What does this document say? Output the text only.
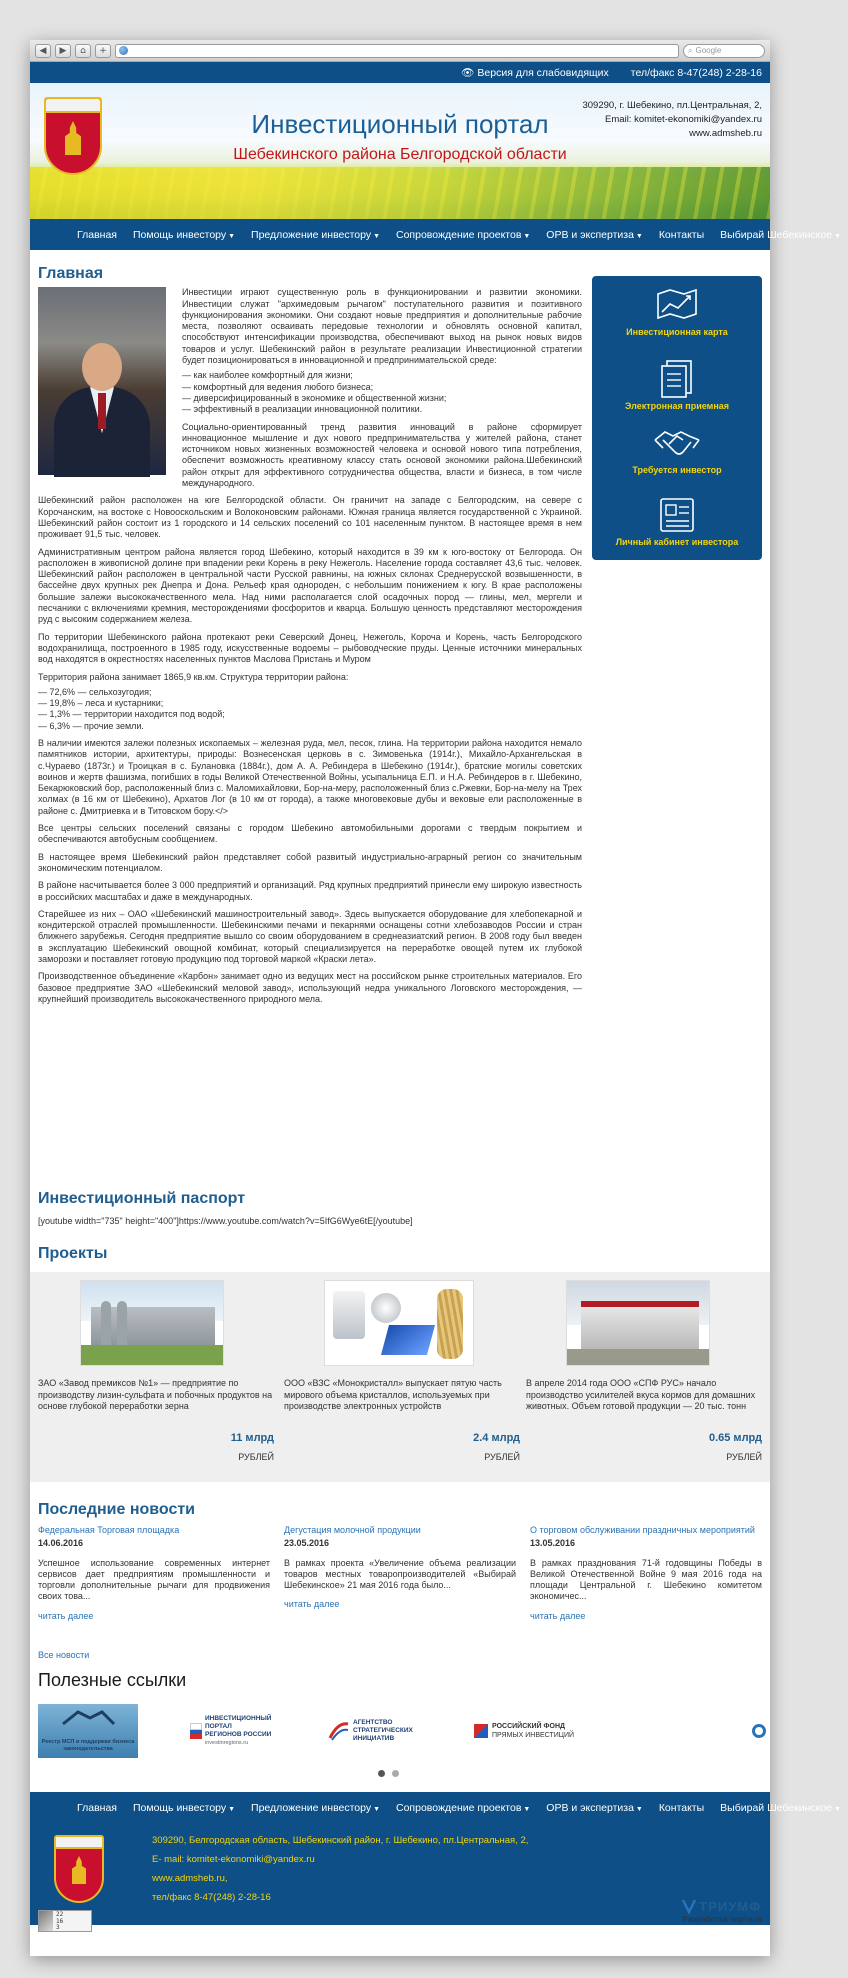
◀	▶	⌂	+	⌕ Google
👁 Версия для слабовидящих тел/факс 8-47(248) 2-28-16
Инвестиционный портал
Шебекинского района Белгородской области
309290, г. Шебекино, пл.Центральная, 2,
Email: komitet-ekonomiki@yandex.ru
www.admsheb.ru
Главная	Помощь инвестору ▼	Предложение инвестору ▼	Сопровождение проектов ▼	ОРВ и экспертиза ▼	Контакты	Выбирай Шебекинское ▼
Главная

Инвестиции играют существенную роль в функционировании и развитии экономики. Инвестиции служат "архимедовым рычагом" поступательного развития и позитивного функционирования экономики. Они создают новые предприятия и дополнительные рабочие места, позволяют осваивать передовые технологии и обновлять основной капитал, способствуют интенсификации производства, обеспечивают выход на рынок новых видов товаров и услуг. Шебекинский район в результате реализации Инвестиционной стратегии будет позиционироваться в инновационной и предпринимательской среде:

— как наиболее комфортный для жизни;
— комфортный для ведения любого бизнеса;
— диверсифицированный в экономике и общественной жизни;
— эффективный в реализации инновационной политики.

Социально-ориентированный тренд развития инноваций в районе сформирует инновационное мышление и дух нового предпринимательства у жителей района, станет источником новых жизненных возможностей человека и основой нового типа потребления, обеспечит возможность креативному классу стать основой экономики района.Шебекинский район открыт для эффективного сотрудничества общества, власти и бизнеса, в том числе международного.

Шебекинский район расположен на юге Белгородской области. Он граничит на западе с Белгородским, на севере с Корочанским, на востоке с Новооскольским и Волоконовским районами. Южная граница является государственной с Украиной. Шебекинский район состоит из 1 городского и 14 сельских поселений со 101 населенным пунктом. В настоящее время в нем проживает 91,5 тыс. человек.

Административным центром района является город Шебекино, который находится в 39 км к юго-востоку от Белгорода. Он расположен в живописной долине при впадении реки Корень в реку Нежеголь. Население города составляет 43,6 тыс. человек. Шебекинский район расположен в центральной части Русской равнины, на южных склонах Среднерусской возвышенности, в бассейне двух крупных рек Днепра и Дона. Рельеф края однороден, с небольшим понижением к югу. В крае расположены большие залежи высококачественного мела. Над ними располагается слой осадочных пород — глины, мел, мергели и песчаники с включениями кремния, месторождениями фосфоритов и кварца. Большую ценность представляют месторождения руд с высоким содержанием железа.

По территории Шебекинского района протекают реки Северский Донец, Нежеголь, Короча и Корень, часть Белгородского водохранилища, построенного в 1985 году, искусственные водоемы – рыбоводческие пруды. Ценные источники минеральных вод находятся в окрестностях населенных пунктов Маслова Пристань и Муром

Территория района занимает 1865,9 кв.км. Структура территории района:

— 72,6% — сельхозугодия;
— 19,8% – леса и кустарники;
— 1,3% — территории находится под водой;
— 6,3% — прочие земли.

В наличии имеются залежи полезных ископаемых – железная руда, мел, песок, глина. На территории района находится немало памятников истории, архитектуры, природы: Вознесенская церковь в с. Зимовенька (1914г.), Михайло-Архангельская в с.Чураево (1873г.) и Троицкая в с. Булановка (1884г.), дом А. А. Ребиндера в Шебекино (1914г.), братские могилы советских воинов и жертв фашизма, погибших в годы Великой Отечественной Войны, усыпальница Е.П. и Н.А. Ребиндеров в г. Шебекино, Бекарюковский бор, расположенный близ с. Маломихайловки, Бор-на-меру, расположенный близ с.Ржевки, Бор-на-мелу на Трех холмах (в 16 км от Шебекино), Архатов Лог (в 10 км от города), а также многовековые дубы и вековые ели расположенные в районе с. Дмитриевка и в Титовском бору.</>

Все центры сельских поселений связаны с городом Шебекино автомобильными дорогами с твердым покрытием и обеспечиваются автобусным сообщением.

В настоящее время Шебекинский район представляет собой развитый индустриально-аграрный регион со значительным экономическим потенциалом.

В районе насчитывается более 3 000 предприятий и организаций. Ряд крупных предприятий принесли ему широкую известность в российских масштабах и даже в международных.

Старейшее из них – ОАО «Шебекинский машиностроительный завод». Здесь выпускается оборудование для хлебопекарной и кондитерской отраслей промышленности. Шебекинскими печами и пекарнями оснащены сотни хлебозаводов России и стран ближнего зарубежья. Сегодня предприятие вышло со своим оборудованием в среднеазиатский регион. В 2008 году был введен в эксплуатацию Шебекинский овощной комбинат, который специализируется на переработке овощей путем их глубокой заморозки и поставляет готовую продукцию под торговой маркой «Краски лета».

Производственное объединение «Карбон» занимает одно из ведущих мест на российском рынке строительных материалов. Его базовое предприятие ЗАО «Шебекинский меловой завод», использующий недра уникального Логовского месторождения, — крупнейший производитель высококачественного природного мела.

Инвестиционная карта
Электронная приемная
Требуется инвестор
Личный кабинет инвестора
Инвестиционный паспорт
[youtube width="735" height="400"]https://www.youtube.com/watch?v=5IfG6Wye6tE[/youtube]
Проекты
ЗАО «Завод премиксов №1» — предприятие по производству лизин-сульфата и побочных продуктов на основе глубокой переработки зерна
11 млрд
РУБЛЕЙ
ООО «ВЗС «Монокристалл» выпускает пятую часть мирового объема кристаллов, используемых при производстве электронных устройств
2.4 млрд
РУБЛЕЙ
В апреле 2014 года ООО «СПФ РУС» начало производство усилителей вкуса кормов для домашних животных. Объем готовой продукции — 20 тыс. тонн
0.65 млрд
РУБЛЕЙ
Последние новости
Федеральная Торговая площадка
14.06.2016
Успешное использование современных интернет сервисов дает предприятиям промышленности и торговли дополнительные рычаги для продвижения своих това...
читать далее
Дегустация молочной продукции
23.05.2016
В рамках проекта «Увеличение объема реализации товаров местных товаропроизводителей «Выбирай Шебекинское» 21 мая 2016 года было...
читать далее
О торговом обслуживании праздничных мероприятий
13.05.2016
В рамках празднования 71-й годовщины Победы в Великой Отечественной Войне 9 мая 2016 года на площади Центральной г. Шебекино комитетом экономичес...
читать далее
Все новости
Полезные ссылки
Реестр МСП и поддержки бизнеса законодательства
ИНВЕСТИЦИОННЫЙ ПОРТАЛ
РЕГИОНОВ РОССИИ
investinregions.ru
АГЕНТСТВО
СТРАТЕГИЧЕСКИХ
ИНИЦИАТИВ
РОССИЙСКИЙ ФОНД
ПРЯМЫХ ИНВЕСТИЦИЙ
Главная	Помощь инвестору ▼	Предложение инвестору ▼	Сопровождение проектов ▼	ОРВ и экспертиза ▼	Контакты	Выбирай Шебекинское ▼
309290, Белгородская область, Шебекинский район, г. Шебекино, пл.Центральная, 2,
E- mail: komitet-ekonomiki@yandex.ru
www.admsheb.ru,
тел/факс 8-47(248) 2-28-16
22
16
3
ТРИУМФ
Разработка портала
